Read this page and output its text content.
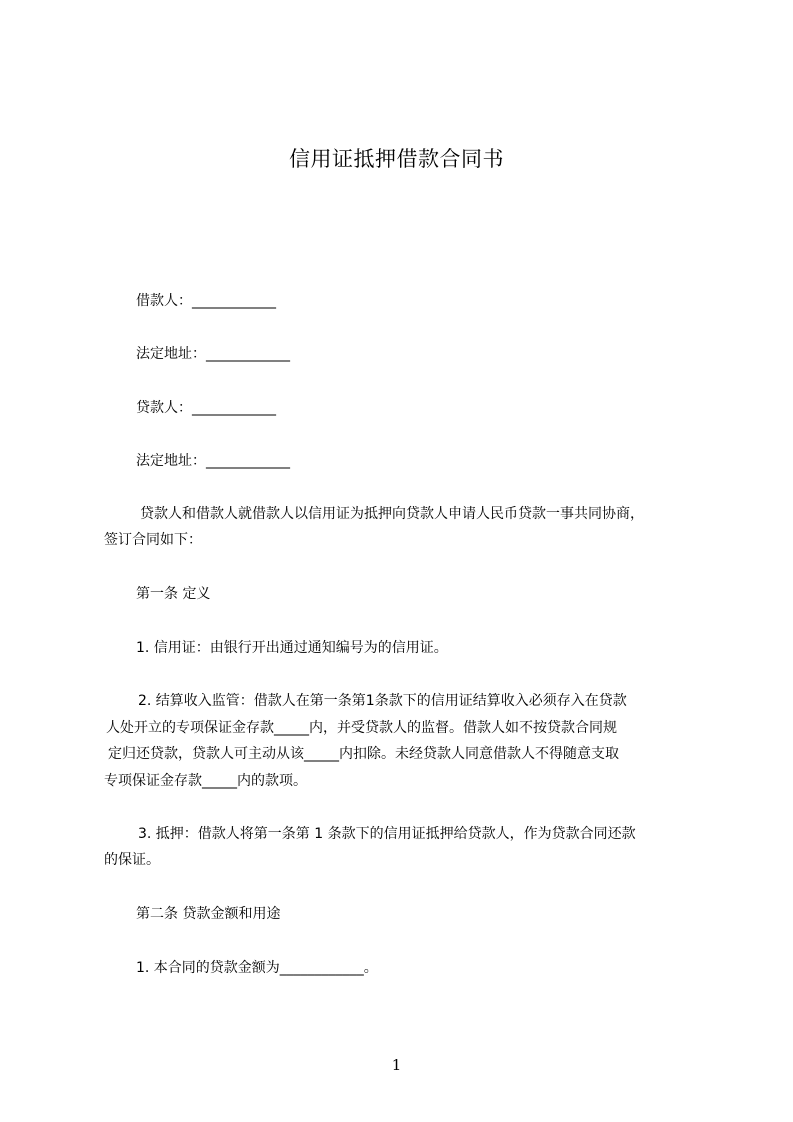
信用证抵押借款合同书
借款人：____________
法定地址：____________
贷款人：____________
法定地址：____________
贷款人和借款人就借款人以信用证为抵押向贷款人申请人民币贷款一事共同协商，
签订合同如下：
第一条 定义
1. 信用证：由银行开出通过通知编号为的信用证。
2. 结算收入监管：借款人在第一条第1条款下的信用证结算收入必须存入在贷款
人处开立的专项保证金存款_____内，并受贷款人的监督。借款人如不按贷款合同规
定归还贷款，贷款人可主动从该_____内扣除。未经贷款人同意借款人不得随意支取
专项保证金存款_____内的款项。
3. 抵押：借款人将第一条第 1 条款下的信用证抵押给贷款人，作为贷款合同还款
的保证。
第二条 贷款金额和用途
1. 本合同的贷款金额为____________。
1
